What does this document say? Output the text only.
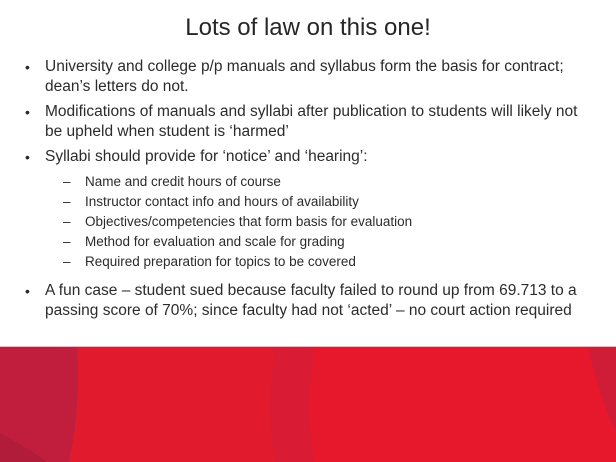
Lots of law on this one!
• University and college p/p manuals and syllabus form the basis for contract; dean’s letters do not.
• Modifications of manuals and syllabi after publication to students will likely not be upheld when student is ‘harmed’
• Syllabi should provide for ‘notice’ and ‘hearing’:
– Name and credit hours of course
– Instructor contact info and hours of availability
– Objectives/competencies that form basis for evaluation
– Method for evaluation and scale for grading
– Required preparation for topics to be covered
• A fun case – student sued because faculty failed to round up from 69.713 to a passing score of 70%; since faculty had not ‘acted’ – no court action required
